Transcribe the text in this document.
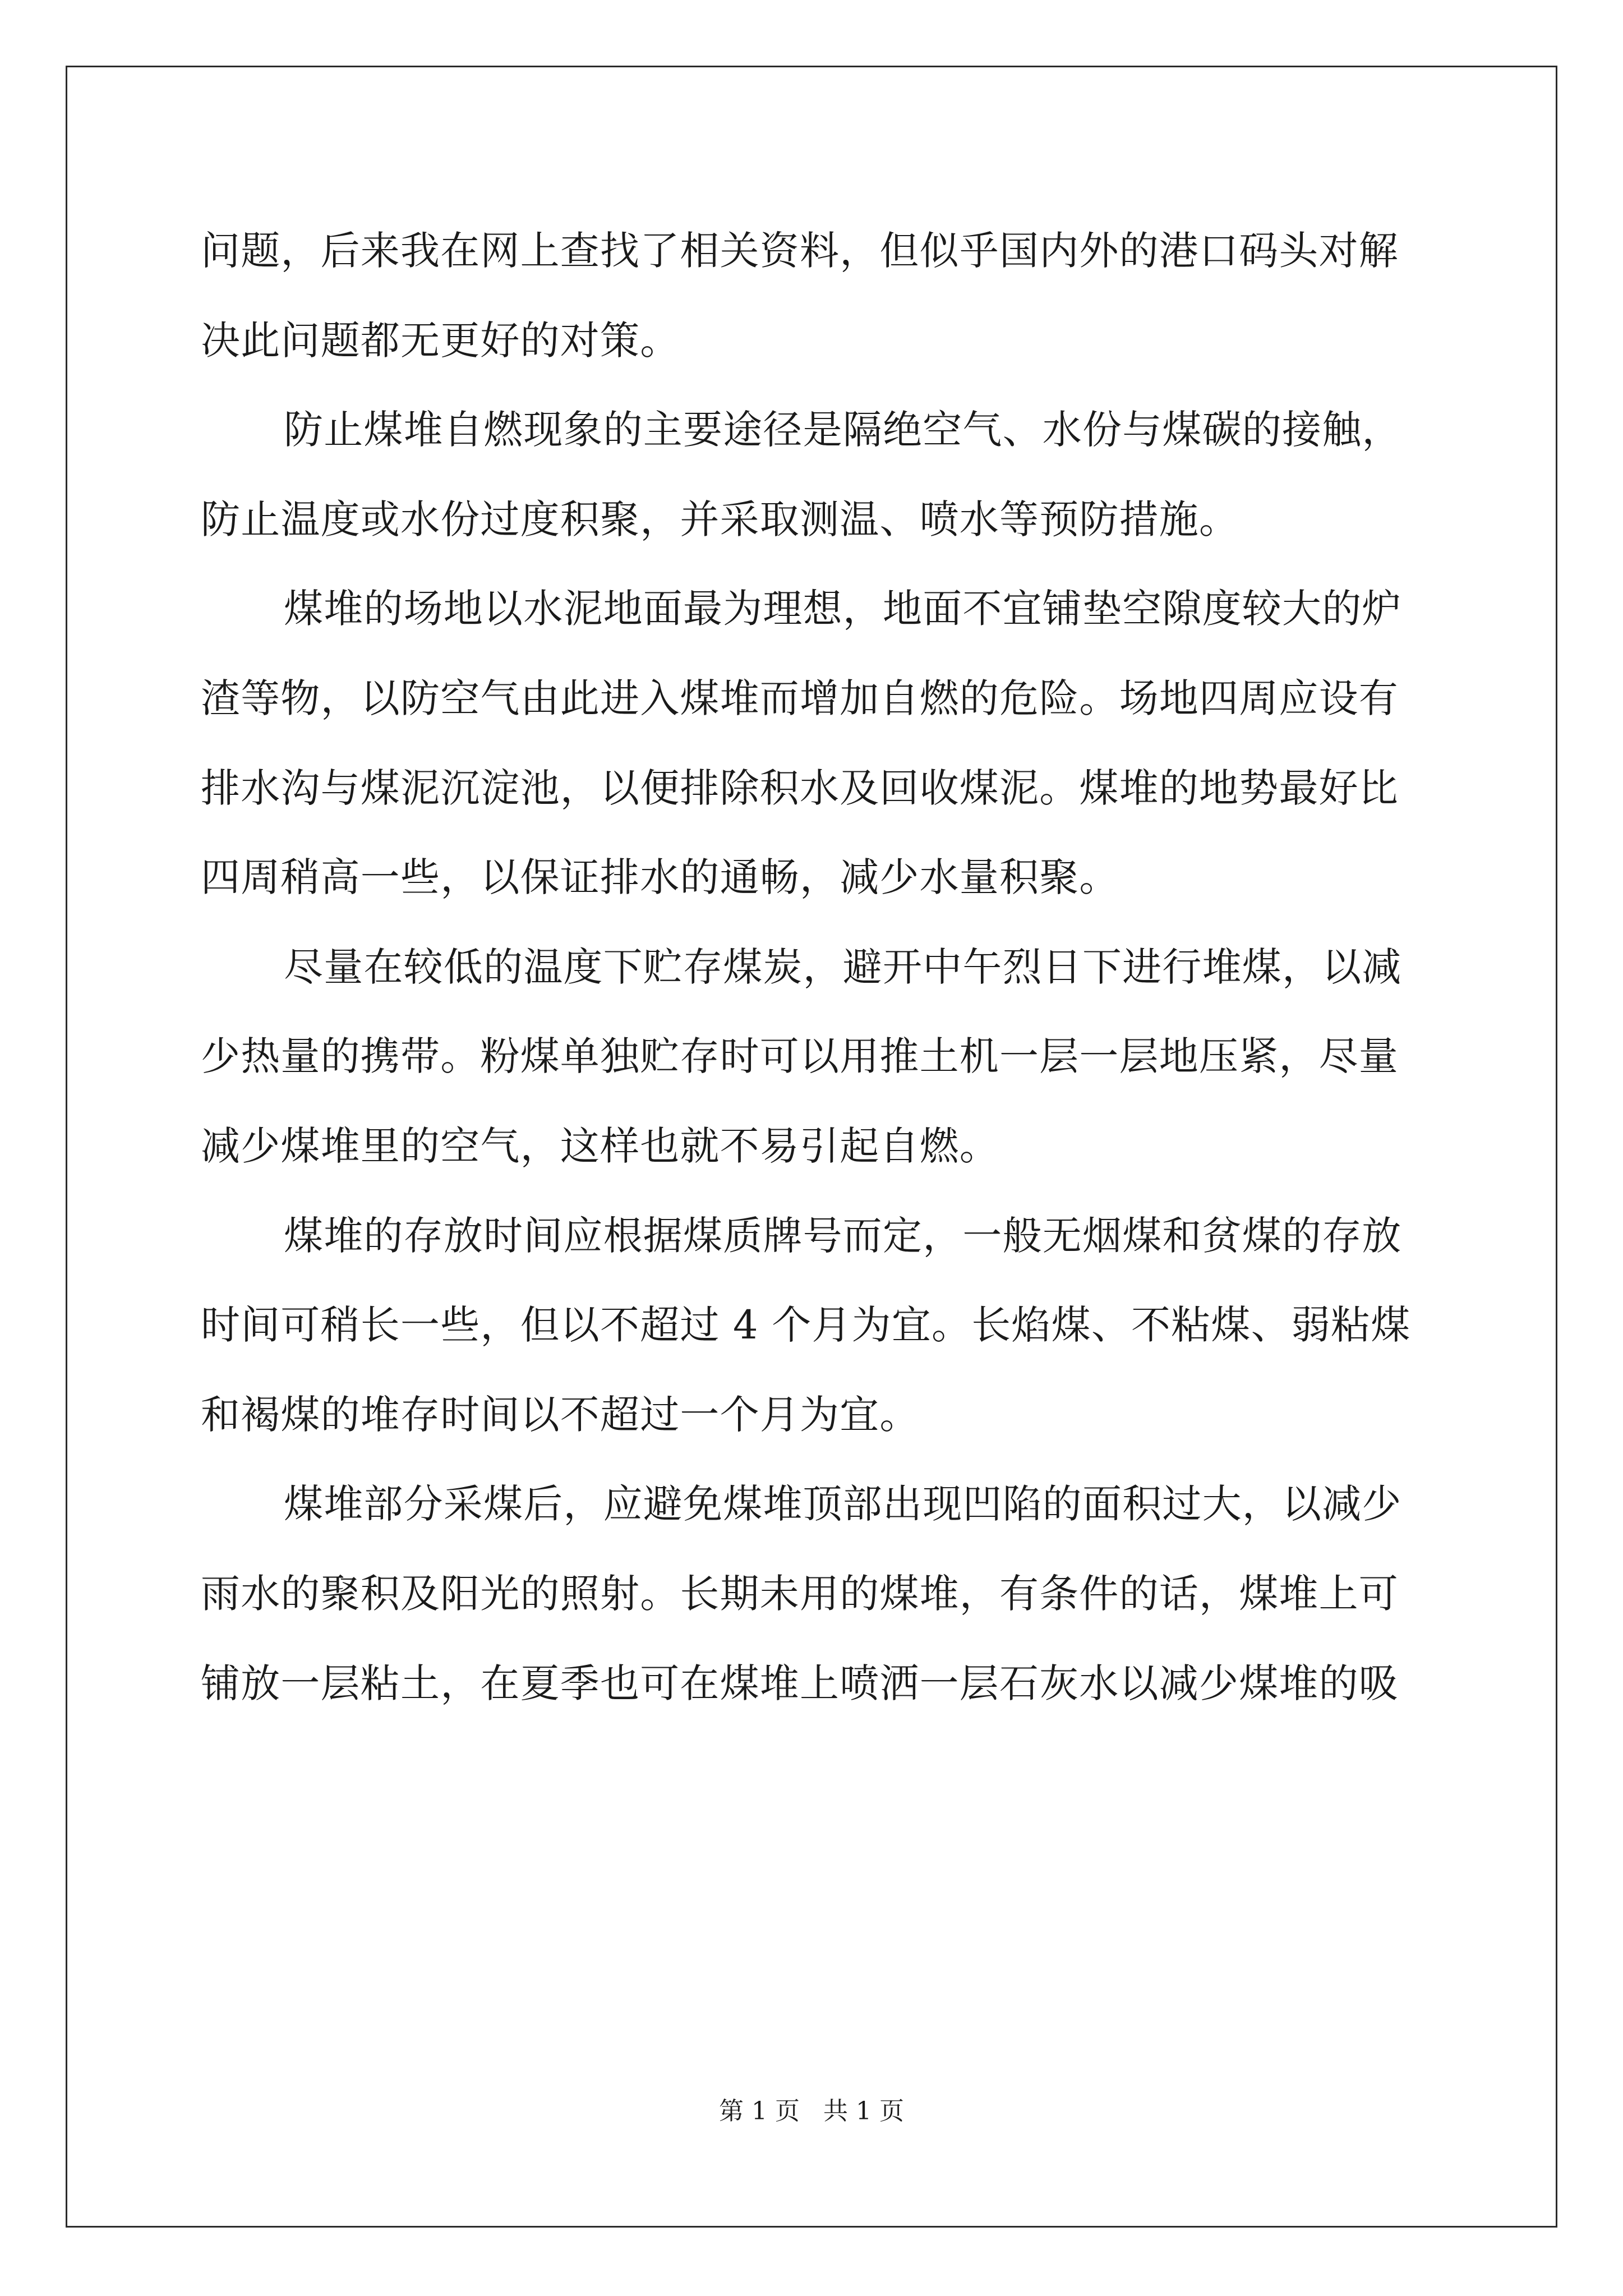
问题，后来我在网上查找了相关资料，但似乎国内外的港口码头对解
决此问题都无更好的对策。
防止煤堆自燃现象的主要途径是隔绝空气、水份与煤碳的接触，
防止温度或水份过度积聚，并采取测温、喷水等预防措施。
煤堆的场地以水泥地面最为理想，地面不宜铺垫空隙度较大的炉
渣等物，以防空气由此进入煤堆而增加自燃的危险。场地四周应设有
排水沟与煤泥沉淀池，以便排除积水及回收煤泥。煤堆的地势最好比
四周稍高一些，以保证排水的通畅，减少水量积聚。
尽量在较低的温度下贮存煤炭，避开中午烈日下进行堆煤，以减
少热量的携带。粉煤单独贮存时可以用推土机一层一层地压紧，尽量
减少煤堆里的空气，这样也就不易引起自燃。
煤堆的存放时间应根据煤质牌号而定，一般无烟煤和贫煤的存放
时间可稍长一些，但以不超过 4 个月为宜。长焰煤、不粘煤、弱粘煤
和褐煤的堆存时间以不超过一个月为宜。
煤堆部分采煤后，应避免煤堆顶部出现凹陷的面积过大，以减少
雨水的聚积及阳光的照射。长期未用的煤堆，有条件的话，煤堆上可
铺放一层粘土，在夏季也可在煤堆上喷洒一层石灰水以减少煤堆的吸
第 1 页 共 1 页
